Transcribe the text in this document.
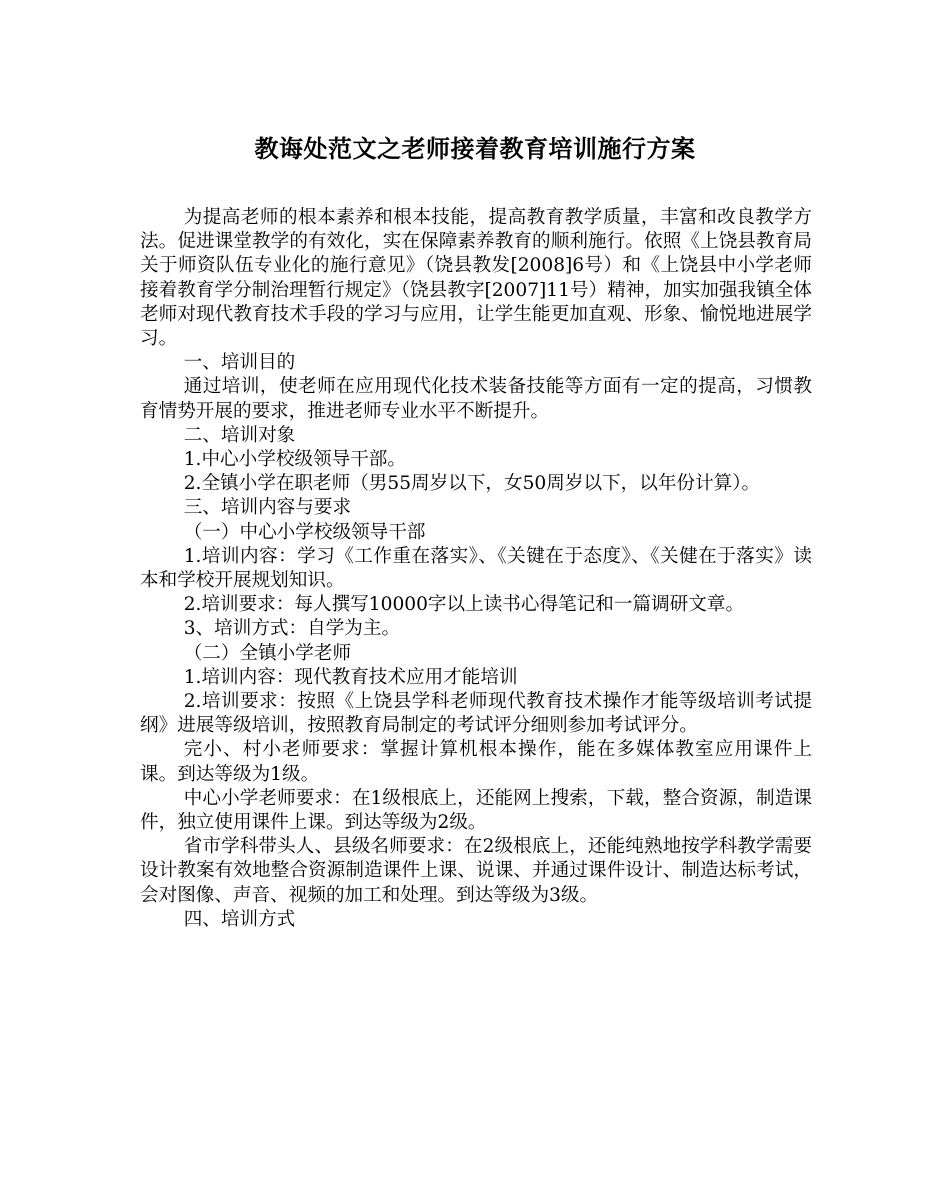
教诲处范文之老师接着教育培训施行方案

为提高老师的根本素养和根本技能，提高教育教学质量，丰富和改良教学方法。促进课堂教学的有效化，实在保障素养教育的顺利施行。依照《上饶县教育局关于师资队伍专业化的施行意见》（饶县教发[2008]6号）和《上饶县中小学老师接着教育学分制治理暂行规定》（饶县教字[2007]11号）精神，加实加强我镇全体老师对现代教育技术手段的学习与应用，让学生能更加直观、形象、愉悦地进展学习。

一、培训目的

通过培训，使老师在应用现代化技术装备技能等方面有一定的提高，习惯教育情势开展的要求，推进老师专业水平不断提升。

二、培训对象

1.中心小学校级领导干部。

2.全镇小学在职老师（男55周岁以下，女50周岁以下，以年份计算）。

三、培训内容与要求

（一）中心小学校级领导干部

1.培训内容：学习《工作重在落实》、《关键在于态度》、《关健在于落实》读本和学校开展规划知识。

2.培训要求：每人撰写10000字以上读书心得笔记和一篇调研文章。

3、培训方式：自学为主。

（二）全镇小学老师

1.培训内容：现代教育技术应用才能培训

2.培训要求：按照《上饶县学科老师现代教育技术操作才能等级培训考试提纲》进展等级培训，按照教育局制定的考试评分细则参加考试评分。

完小、村小老师要求：掌握计算机根本操作，能在多媒体教室应用课件上课。到达等级为1级。

中心小学老师要求：在1级根底上，还能网上搜索，下载，整合资源，制造课件，独立使用课件上课。到达等级为2级。

省市学科带头人、县级名师要求：在2级根底上，还能纯熟地按学科教学需要设计教案有效地整合资源制造课件上课、说课、并通过课件设计、制造达标考试，会对图像、声音、视频的加工和处理。到达等级为3级。

四、培训方式
